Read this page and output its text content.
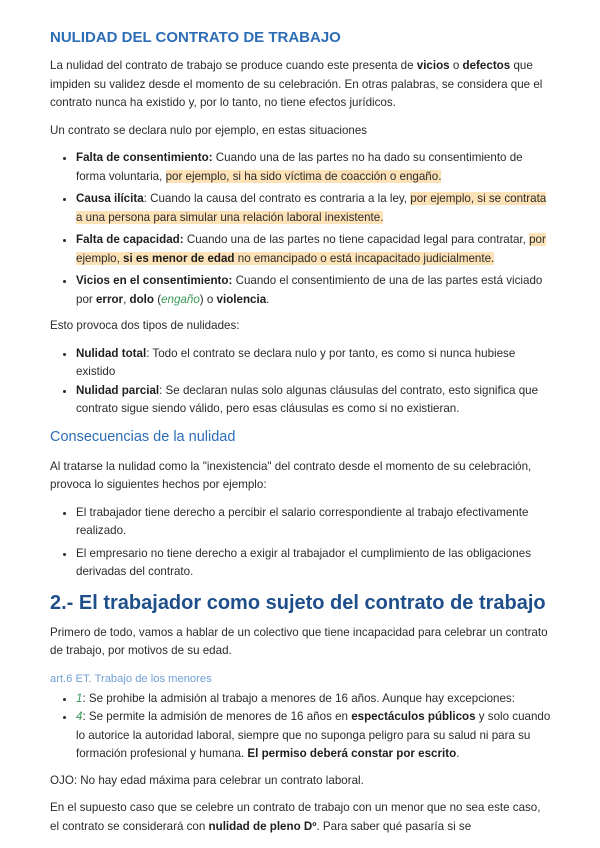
NULIDAD DEL CONTRATO DE TRABAJO

La nulidad del contrato de trabajo se produce cuando este presenta de vicios o defectos que impiden su validez desde el momento de su celebración. En otras palabras, se considera que el contrato nunca ha existido y, por lo tanto, no tiene efectos jurídicos.

Un contrato se declara nulo por ejemplo, en estas situaciones

• Falta de consentimiento: Cuando una de las partes no ha dado su consentimiento de forma voluntaria, por ejemplo, si ha sido víctima de coacción o engaño.
• Causa ilícita: Cuando la causa del contrato es contraria a la ley, por ejemplo, si se contrata a una persona para simular una relación laboral inexistente.
• Falta de capacidad: Cuando una de las partes no tiene capacidad legal para contratar, por ejemplo, si es menor de edad no emancipado o está incapacitado judicialmente.
• Vicios en el consentimiento: Cuando el consentimiento de una de las partes está viciado por error, dolo (engaño) o violencia.

Esto provoca dos tipos de nulidades:

• Nulidad total: Todo el contrato se declara nulo y por tanto, es como si nunca hubiese existido
• Nulidad parcial: Se declaran nulas solo algunas cláusulas del contrato, esto significa que contrato sigue siendo válido, pero esas cláusulas es como si no existieran.
Consecuencias de la nulidad

Al tratarse la nulidad como la "inexistencia" del contrato desde el momento de su celebración, provoca lo siguientes hechos por ejemplo:

• El trabajador tiene derecho a percibir el salario correspondiente al trabajo efectivamente realizado.
• El empresario no tiene derecho a exigir al trabajador el cumplimiento de las obligaciones derivadas del contrato.
2.- El trabajador como sujeto del contrato de trabajo

Primero de todo, vamos a hablar de un colectivo que tiene incapacidad para celebrar un contrato de trabajo, por motivos de su edad.

art.6 ET. Trabajo de los menores
• 1: Se prohibe la admisión al trabajo a menores de 16 años. Aunque hay excepciones:
• 4: Se permite la admisión de menores de 16 años en espectáculos públicos y solo cuando lo autorice la autoridad laboral, siempre que no suponga peligro para su salud ni para su formación profesional y humana. El permiso deberá constar por escrito.

OJO: No hay edad máxima para celebrar un contrato laboral.

En el supuesto caso que se celebre un contrato de trabajo con un menor que no sea este caso, el contrato se considerará con nulidad de pleno Dº. Para saber qué pasaría si se
